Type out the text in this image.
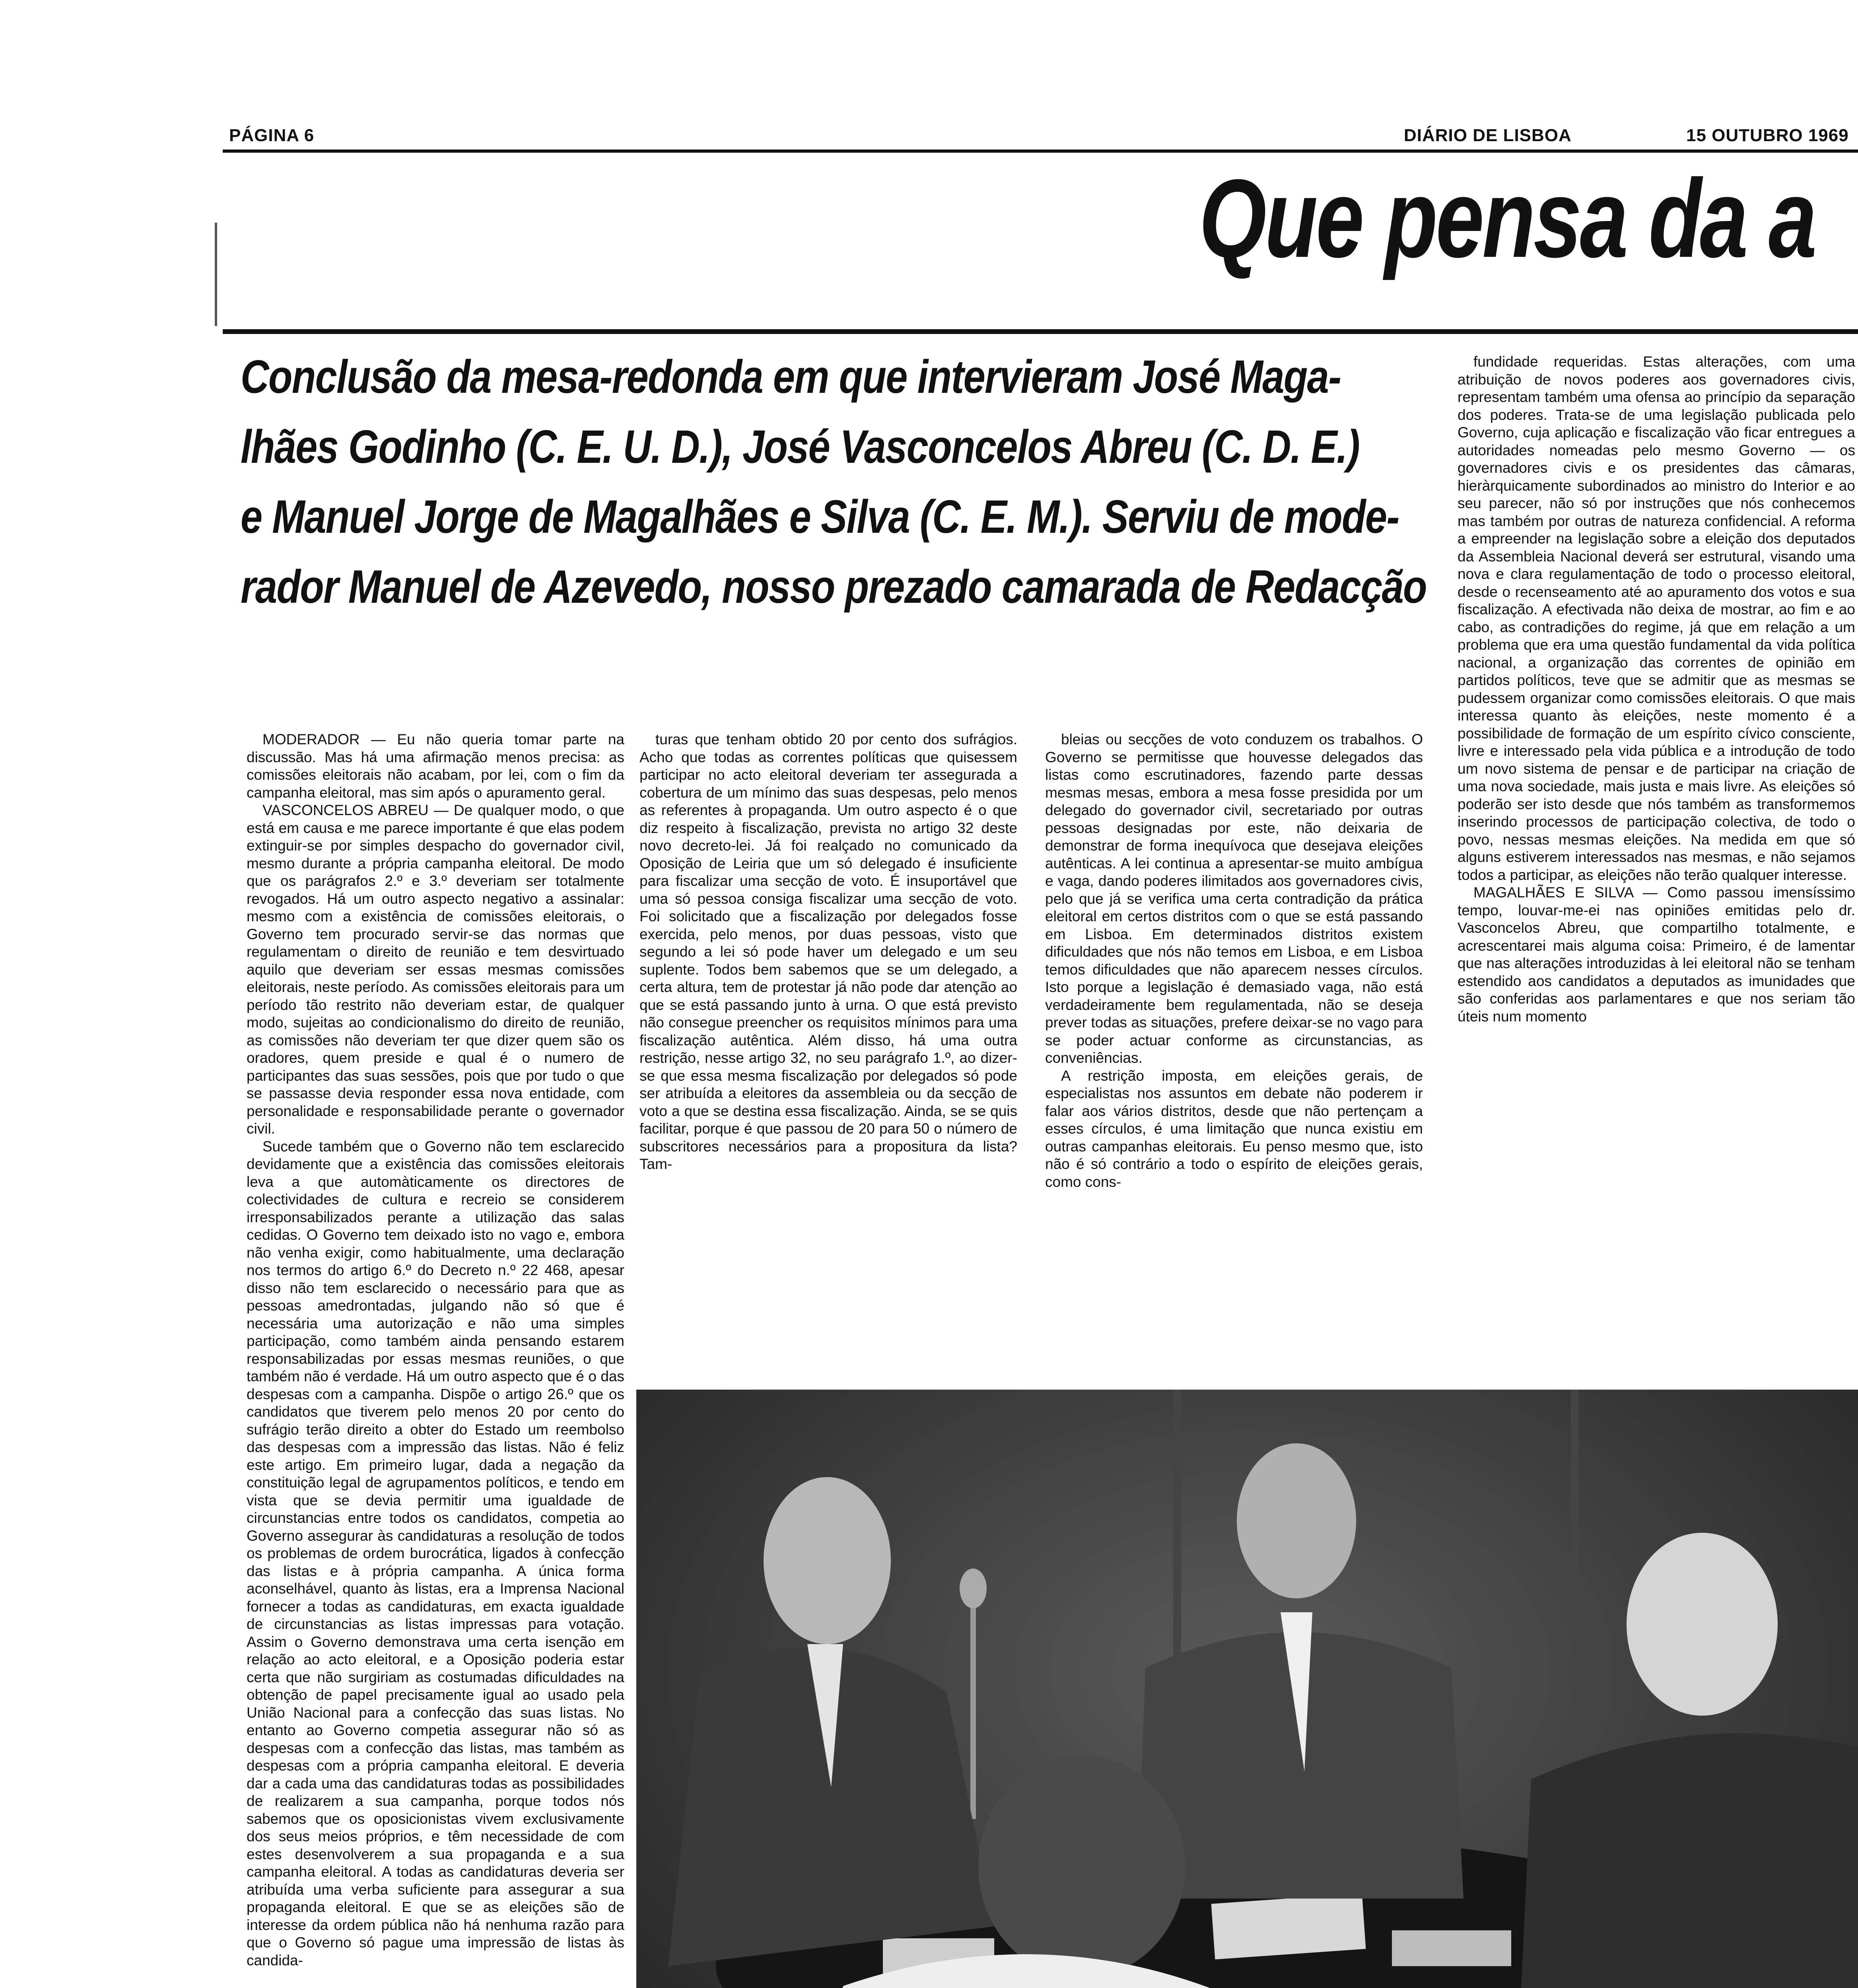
PÁGINA 6	DIÁRIO DE LISBOA	15 OUTUBRO 1969
Que pensa da a
Conclusão da mesa-redonda em que intervieram José Maga-
lhães Godinho (C. E. U. D.), José Vasconcelos Abreu (C. D. E.)
e Manuel Jorge de Magalhães e Silva (C. E. M.). Serviu de mode-
rador Manuel de Azevedo, nosso prezado camarada de Redacção

MODERADOR — Eu não queria tomar parte na discussão. Mas há uma afirmação menos precisa: as comissões eleitorais não acabam, por lei, com o fim da campanha eleitoral, mas sim após o apuramento geral.

VASCONCELOS ABREU — De qualquer modo, o que está em causa e me parece importante é que elas podem extinguir-se por simples despacho do governador civil, mesmo durante a própria campanha eleitoral. De modo que os parágrafos 2.º e 3.º deveriam ser totalmente revogados. Há um outro aspecto negativo a assinalar: mesmo com a existência de comissões eleitorais, o Governo tem procurado servir-se das normas que regulamentam o direito de reunião e tem desvirtuado aquilo que deveriam ser essas mesmas comissões eleitorais, neste período. As comissões eleitorais para um período tão restrito não deveriam estar, de qualquer modo, sujeitas ao condicionalismo do direito de reunião, as comissões não deveriam ter que dizer quem são os oradores, quem preside e qual é o numero de participantes das suas sessões, pois que por tudo o que se passasse devia responder essa nova entidade, com personalidade e responsabilidade perante o governador civil.

Sucede também que o Governo não tem esclarecido devidamente que a existência das comissões eleitorais leva a que automàticamente os directores de colectividades de cultura e recreio se considerem irresponsabilizados perante a utilização das salas cedidas. O Governo tem deixado isto no vago e, embora não venha exigir, como habitualmente, uma declaração nos termos do artigo 6.º do Decreto n.º 22 468, apesar disso não tem esclarecido o necessário para que as pessoas amedrontadas, julgando não só que é necessária uma autorização e não uma simples participação, como também ainda pensando estarem responsabilizadas por essas mesmas reuniões, o que também não é verdade. Há um outro aspecto que é o das despesas com a campanha. Dispõe o artigo 26.º que os candidatos que tiverem pelo menos 20 por cento do sufrágio terão direito a obter do Estado um reembolso das despesas com a impressão das listas. Não é feliz este artigo. Em primeiro lugar, dada a negação da constituição legal de agrupamentos políticos, e tendo em vista que se devia permitir uma igualdade de circunstancias entre todos os candidatos, competia ao Governo assegurar às candidaturas a resolução de todos os problemas de ordem burocrática, ligados à confecção das listas e à própria campanha. A única forma aconselhável, quanto às listas, era a Imprensa Nacional fornecer a todas as candidaturas, em exacta igualdade de circunstancias as listas impressas para votação. Assim o Governo demonstrava uma certa isenção em relação ao acto eleitoral, e a Oposição poderia estar certa que não surgiriam as costumadas dificuldades na obtenção de papel precisamente igual ao usado pela União Nacional para a confecção das suas listas. No entanto ao Governo competia assegurar não só as despesas com a confecção das listas, mas também as despesas com a própria campanha eleitoral. E deveria dar a cada uma das candidaturas todas as possibilidades de realizarem a sua campanha, porque todos nós sabemos que os oposicionistas vivem exclusivamente dos seus meios próprios, e têm necessidade de com estes desenvolverem a sua propaganda e a sua campanha eleitoral. A todas as candidaturas deveria ser atribuída uma verba suficiente para assegurar a sua propaganda eleitoral. E que se as eleições são de interesse da ordem pública não há nenhuma razão para que o Governo só pague uma impressão de listas às candida-

turas que tenham obtido 20 por cento dos sufrágios. Acho que todas as correntes políticas que quisessem participar no acto eleitoral deveriam ter assegurada a cobertura de um mínimo das suas despesas, pelo menos as referentes à propaganda. Um outro aspecto é o que diz respeito à fiscalização, prevista no artigo 32 deste novo decreto-lei. Já foi realçado no comunicado da Oposição de Leiria que um só delegado é insuficiente para fiscalizar uma secção de voto. É insuportável que uma só pessoa consiga fiscalizar uma secção de voto. Foi solicitado que a fiscalização por delegados fosse exercida, pelo menos, por duas pessoas, visto que segundo a lei só pode haver um delegado e um seu suplente. Todos bem sabemos que se um delegado, a certa altura, tem de protestar já não pode dar atenção ao que se está passando junto à urna. O que está previsto não consegue preencher os requisitos mínimos para uma fiscalização autêntica. Além disso, há uma outra restrição, nesse artigo 32, no seu parágrafo 1.º, ao dizer-se que essa mesma fiscalização por delegados só pode ser atribuída a eleitores da assembleia ou da secção de voto a que se destina essa fiscalização. Ainda, se se quis facilitar, porque é que passou de 20 para 50 o número de subscritores necessários para a propositura da lista? Tam-

bleias ou secções de voto conduzem os trabalhos. O Governo se permitisse que houvesse delegados das listas como escrutinadores, fazendo parte dessas mesmas mesas, embora a mesa fosse presidida por um delegado do governador civil, secretariado por outras pessoas designadas por este, não deixaria de demonstrar de forma inequívoca que desejava eleições autênticas. A lei continua a apresentar-se muito ambígua e vaga, dando poderes ilimitados aos governadores civis, pelo que já se verifica uma certa contradição da prática eleitoral em certos distritos com o que se está passando em Lisboa. Em determinados distritos existem dificuldades que nós não temos em Lisboa, e em Lisboa temos dificuldades que não aparecem nesses círculos. Isto porque a legislação é demasiado vaga, não está verdadeiramente bem regulamentada, não se deseja prever todas as situações, prefere deixar-se no vago para se poder actuar conforme as circunstancias, as conveniências.

A restrição imposta, em eleições gerais, de especialistas nos assuntos em debate não poderem ir falar aos vários distritos, desde que não pertençam a esses círculos, é uma limitação que nunca existiu em outras campanhas eleitorais. Eu penso mesmo que, isto não é só contrário a todo o espírito de eleições gerais, como cons-

fundidade requeridas. Estas alterações, com uma atribuição de novos poderes aos governadores civis, representam também uma ofensa ao princípio da separação dos poderes. Trata-se de uma legislação publicada pelo Governo, cuja aplicação e fiscalização vão ficar entregues a autoridades nomeadas pelo mesmo Governo — os governadores civis e os presidentes das câmaras, hieràrquicamente subordinados ao ministro do Interior e ao seu parecer, não só por instruções que nós conhecemos mas também por outras de natureza confidencial. A reforma a empreender na legislação sobre a eleição dos deputados da Assembleia Nacional deverá ser estrutural, visando uma nova e clara regulamentação de todo o processo eleitoral, desde o recenseamento até ao apuramento dos votos e sua fiscalização. A efectivada não deixa de mostrar, ao fim e ao cabo, as contradições do regime, já que em relação a um problema que era uma questão fundamental da vida política nacional, a organização das correntes de opinião em partidos políticos, teve que se admitir que as mesmas se pudessem organizar como comissões eleitorais. O que mais interessa quanto às eleições, neste momento é a possibilidade de formação de um espírito cívico consciente, livre e interessado pela vida pública e a introdução de todo um novo sistema de pensar e de participar na criação de uma nova sociedade, mais justa e mais livre. As eleições só poderão ser isto desde que nós também as transformemos inserindo processos de participação colectiva, de todo o povo, nessas mesmas eleições. Na medida em que só alguns estiverem interessados nas mesmas, e não sejamos todos a participar, as eleições não terão qualquer interesse.

MAGALHÃES E SILVA — Como passou imensíssimo tempo, louvar-me-ei nas opiniões emitidas pelo dr. Vasconcelos Abreu, que compartilho totalmente, e acrescentarei mais alguma coisa: Primeiro, é de lamentar que nas alterações introduzidas à lei eleitoral não se tenham estendido aos candidatos a deputados as imunidades que são conferidas aos parlamentares e que nos seriam tão úteis num momento
